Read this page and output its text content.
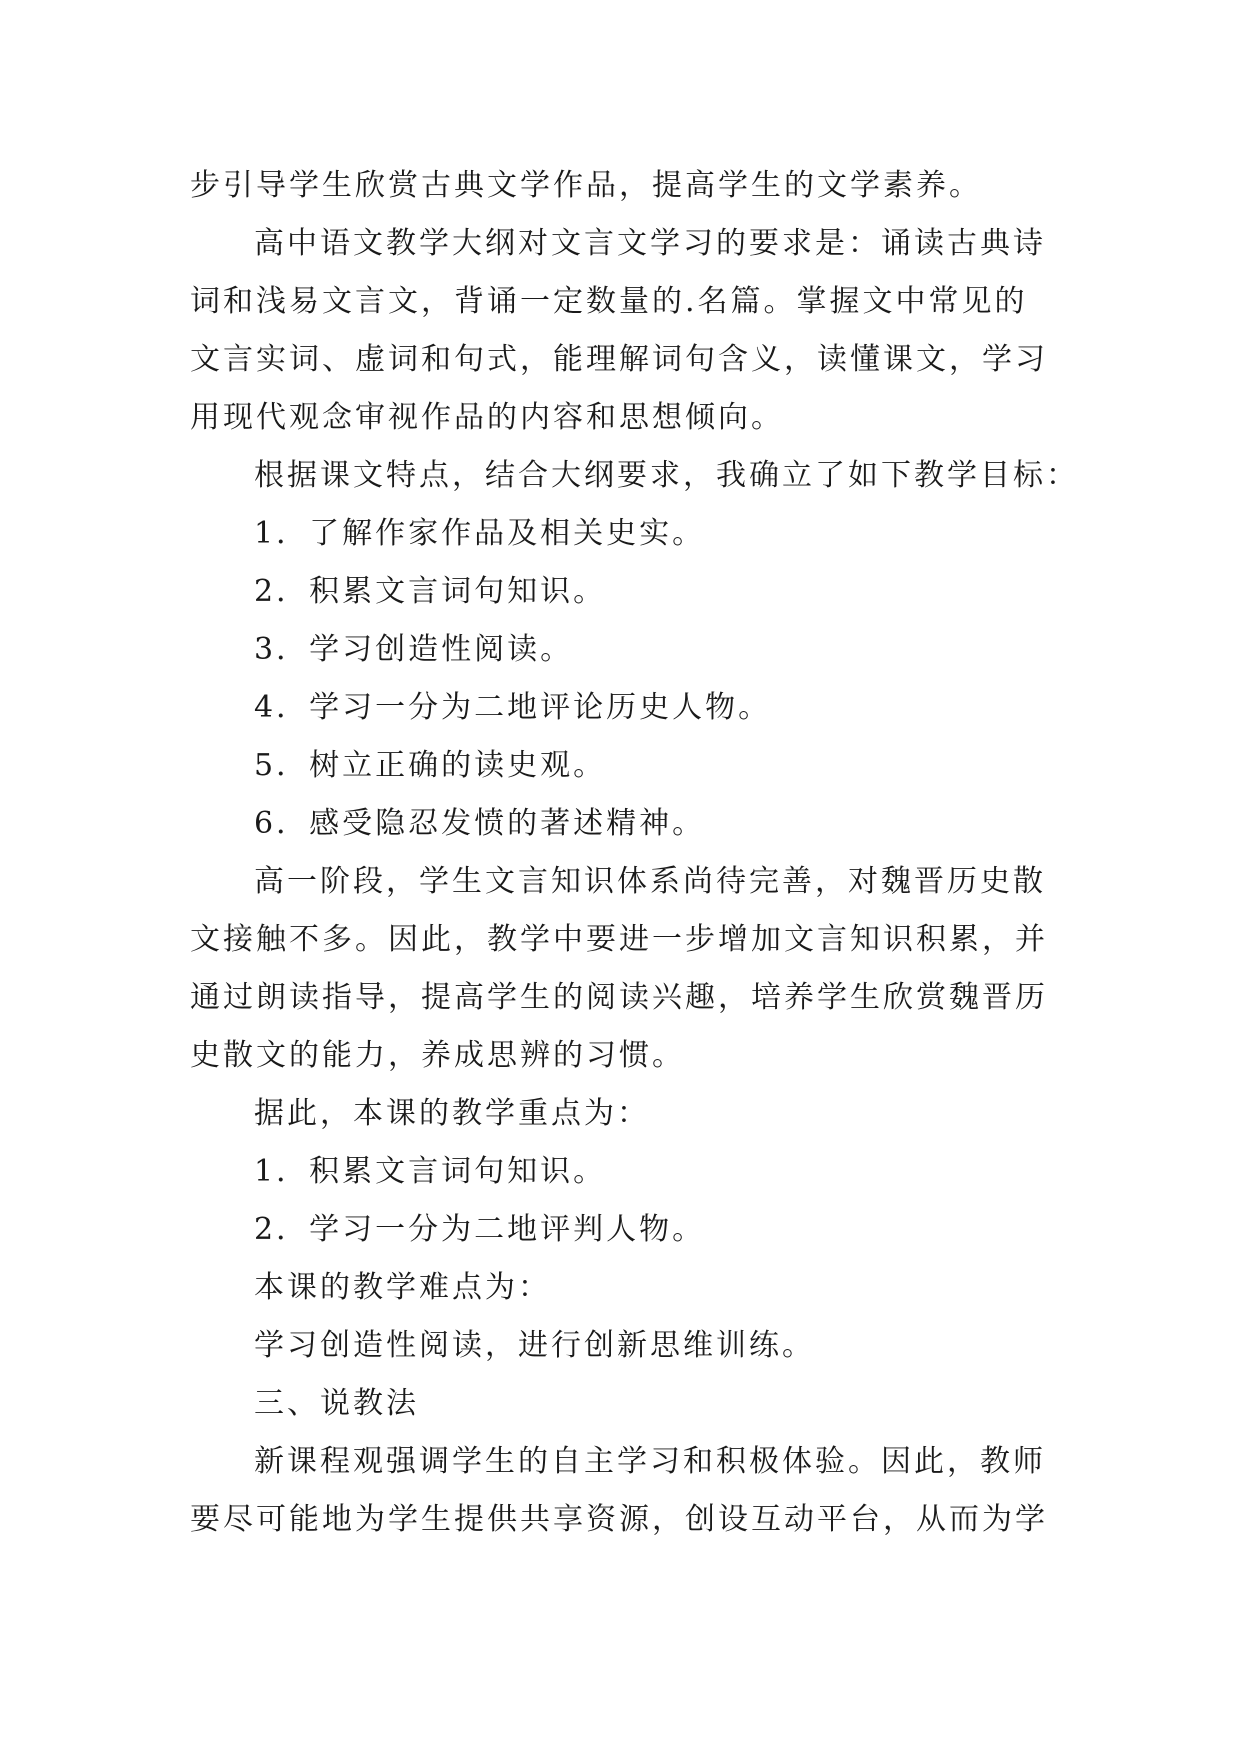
步引导学生欣赏古典文学作品，提高学生的文学素养。
高中语文教学大纲对文言文学习的要求是：诵读古典诗
词和浅易文言文，背诵一定数量的.名篇。掌握文中常见的
文言实词、虚词和句式，能理解词句含义，读懂课文，学习
用现代观念审视作品的内容和思想倾向。
根据课文特点，结合大纲要求，我确立了如下教学目标：
1．了解作家作品及相关史实。
2．积累文言词句知识。
3．学习创造性阅读。
4．学习一分为二地评论历史人物。
5．树立正确的读史观。
6．感受隐忍发愤的著述精神。
高一阶段，学生文言知识体系尚待完善，对魏晋历史散
文接触不多。因此，教学中要进一步增加文言知识积累，并
通过朗读指导，提高学生的阅读兴趣，培养学生欣赏魏晋历
史散文的能力，养成思辨的习惯。
据此，本课的教学重点为：
1．积累文言词句知识。
2．学习一分为二地评判人物。
本课的教学难点为：
学习创造性阅读，进行创新思维训练。
三、说教法
新课程观强调学生的自主学习和积极体验。因此，教师
要尽可能地为学生提供共享资源，创设互动平台，从而为学
